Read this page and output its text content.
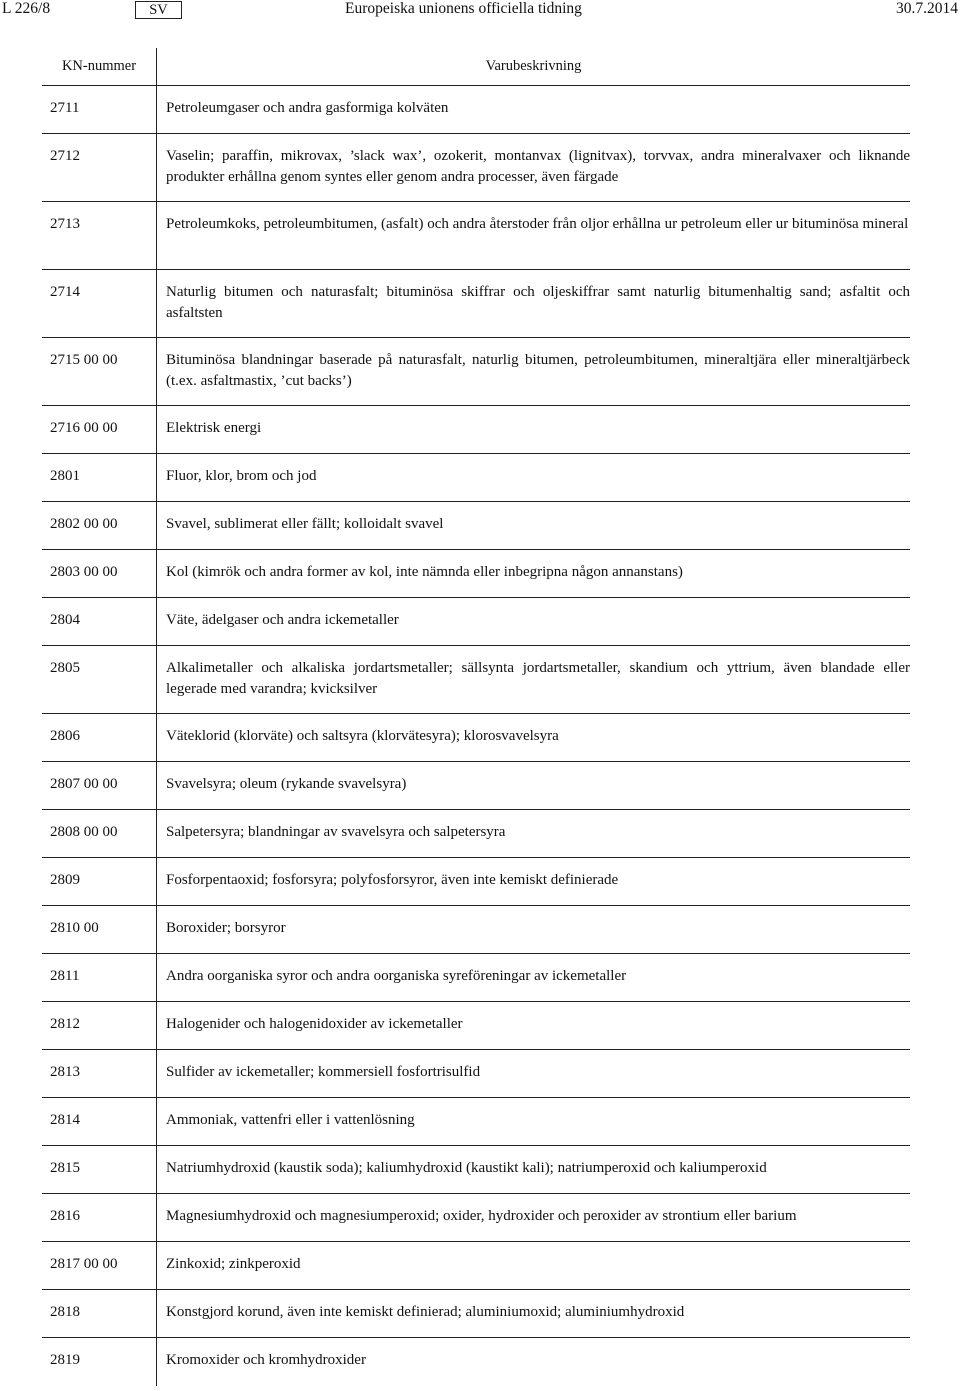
L 226/8	SV	Europeiska unionens officiella tidning	30.7.2014
KN-nummer	Varubeskrivning
2711	Petroleumgaser och andra gasformiga kolväten
2712	Vaselin; paraffin, mikrovax, ’slack wax’, ozokerit, montanvax (lignitvax), torvvax, andra mineralvaxer och liknande produkter erhållna genom syntes eller genom andra processer, även färgade
2713	Petroleumkoks, petroleumbitumen, (asfalt) och andra återstoder från oljor erhållna ur petroleum eller ur bituminösa mineral
2714	Naturlig bitumen och naturasfalt; bituminösa skiffrar och oljeskiffrar samt naturlig bitumenhaltig sand; asfaltit och asfaltsten
2715 00 00	Bituminösa blandningar baserade på naturasfalt, naturlig bitumen, petroleumbitumen, mineraltjära eller mineraltjärbeck (t.ex. asfaltmastix, ’cut backs’)
2716 00 00	Elektrisk energi
2801	Fluor, klor, brom och jod
2802 00 00	Svavel, sublimerat eller fällt; kolloidalt svavel
2803 00 00	Kol (kimrök och andra former av kol, inte nämnda eller inbegripna någon annanstans)
2804	Väte, ädelgaser och andra ickemetaller
2805	Alkalimetaller och alkaliska jordartsmetaller; sällsynta jordartsmetaller, skandium och yttrium, även blandade eller legerade med varandra; kvicksilver
2806	Väteklorid (klorväte) och saltsyra (klorvätesyra); klorosvavelsyra
2807 00 00	Svavelsyra; oleum (rykande svavelsyra)
2808 00 00	Salpetersyra; blandningar av svavelsyra och salpetersyra
2809	Fosforpentaoxid; fosforsyra; polyfosforsyror, även inte kemiskt definierade
2810 00	Boroxider; borsyror
2811	Andra oorganiska syror och andra oorganiska syreföreningar av ickemetaller
2812	Halogenider och halogenidoxider av ickemetaller
2813	Sulfider av ickemetaller; kommersiell fosfortrisulfid
2814	Ammoniak, vattenfri eller i vattenlösning
2815	Natriumhydroxid (kaustik soda); kaliumhydroxid (kaustikt kali); natriumperoxid och kaliumperoxid
2816	Magnesiumhydroxid och magnesiumperoxid; oxider, hydroxider och peroxider av strontium eller barium
2817 00 00	Zinkoxid; zinkperoxid
2818	Konstgjord korund, även inte kemiskt definierad; aluminiumoxid; aluminiumhydroxid
2819	Kromoxider och kromhydroxider
